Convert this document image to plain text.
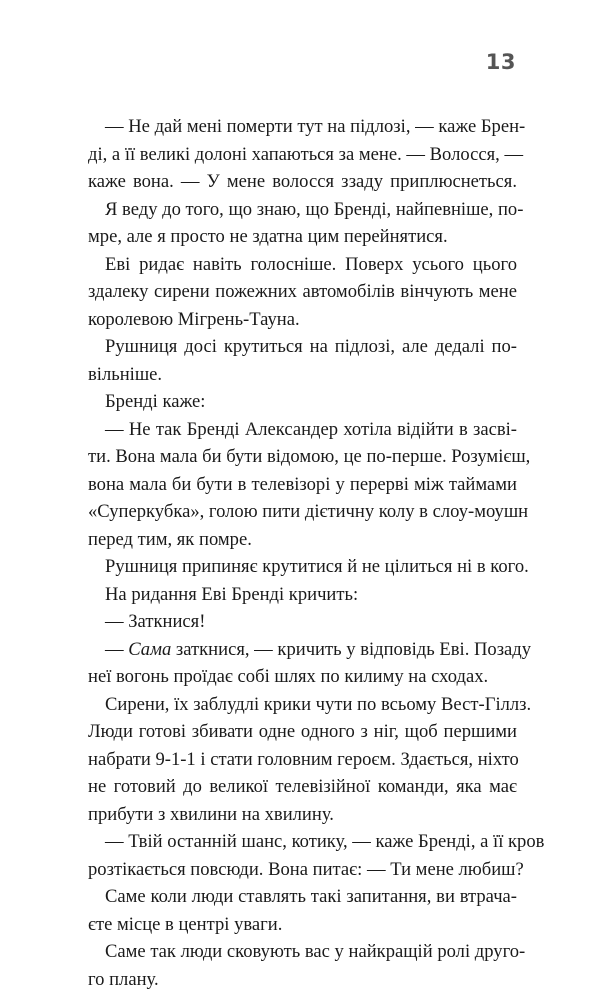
13
— Не дай мені померти тут на підлозі, — каже Брен-
ді, а її великі долоні хапаються за мене. — Волосся, —
каже вона. — У мене волосся ззаду приплюснеться.
Я веду до того, що знаю, що Бренді, найпевніше, по-
мре, але я просто не здатна цим перейнятися.
Еві ридає навіть голосніше. Поверх усього цього
здалеку сирени пожежних автомобілів вінчують мене
королевою Мігрень-Тауна.
Рушниця досі крутиться на підлозі, але дедалі по-
вільніше.
Бренді каже:
— Не так Бренді Александер хотіла відійти в засві-
ти. Вона мала би бути відомою, це по-перше. Розумієш,
вона мала би бути в телевізорі у перерві між таймами
«Суперкубка», голою пити дієтичну колу в слоу-моушн
перед тим, як помре.
Рушниця припиняє крутитися й не цілиться ні в кого.
На ридання Еві Бренді кричить:
— Заткнися!
— Сама заткнися, — кричить у відповідь Еві. Позаду
неї вогонь проїдає собі шлях по килиму на сходах.
Сирени, їх заблудлі крики чути по всьому Вест-Гіллз.
Люди готові збивати одне одного з ніг, щоб першими
набрати 9-1-1 і стати головним героєм. Здається, ніхто
не готовий до великої телевізійної команди, яка має
прибути з хвилини на хвилину.
— Твій останній шанс, котику, — каже Бренді, а її кров
розтікається повсюди. Вона питає: — Ти мене любиш?
Саме коли люди ставлять такі запитання, ви втрача-
єте місце в центрі уваги.
Саме так люди сковують вас у найкращій ролі друго-
го плану.
